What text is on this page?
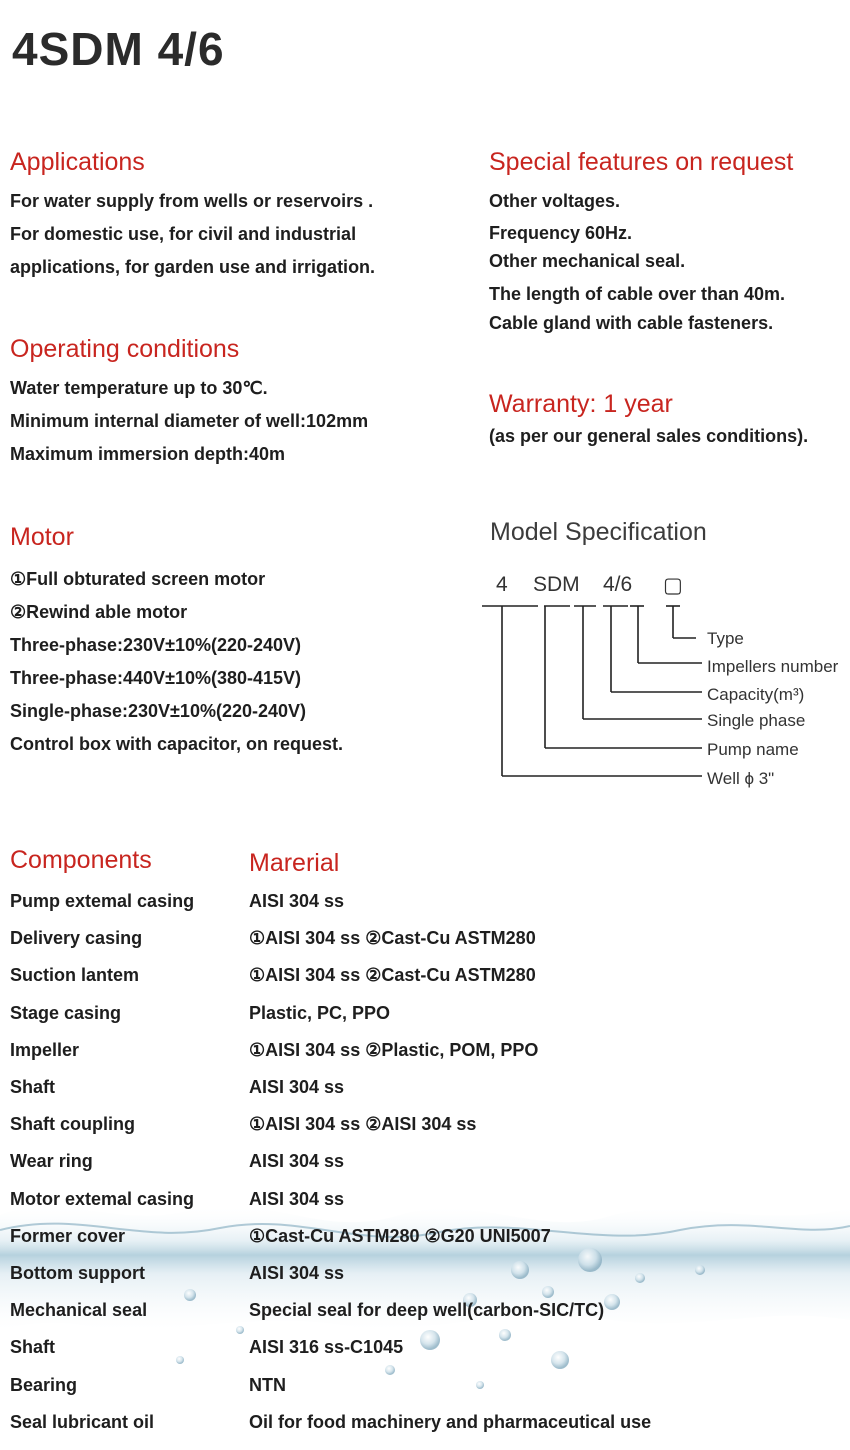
4SDM 4/6
Applications
For water supply from wells or reservoirs .
For domestic use, for civil and industrial
applications, for garden use and irrigation.
Special features on request
Other voltages.
Frequency 60Hz.
Other mechanical seal.
The length of cable over than 40m.
Cable gland with cable fasteners.
Operating conditions
Water temperature up to 30℃.
Minimum internal diameter of well:102mm
Maximum immersion depth:40m
Warranty: 1 year
(as per our general sales conditions).
Motor
①Full obturated screen motor
②Rewind able motor
Three-phase:230V±10%(220-240V)
Three-phase:440V±10%(380-415V)
Single-phase:230V±10%(220-240V)
Control box with capacitor, on request.
Model Specification
4 SDM 4/6 ▢
Type
Impellers number
Capacity(m³)
Single phase
Pump name
Well ϕ 3"
Components	Marerial
Pump extemal casing	AISI 304 ss
Delivery casing	①AISI 304 ss ②Cast-Cu ASTM280
Suction lantem	①AISI 304 ss ②Cast-Cu ASTM280
Stage casing	Plastic, PC, PPO
Impeller	①AISI 304 ss ②Plastic, POM, PPO
Shaft	AISI 304 ss
Shaft coupling	①AISI 304 ss ②AISI 304 ss
Wear ring	AISI 304 ss
Motor extemal casing	AISI 304 ss
Former cover	①Cast-Cu ASTM280 ②G20 UNI5007
Bottom support	AISI 304 ss
Mechanical seal	Special seal for deep well(carbon-SIC/TC)
Shaft	AISI 316 ss-C1045
Bearing	NTN
Seal lubricant oil	Oil for food machinery and pharmaceutical use
